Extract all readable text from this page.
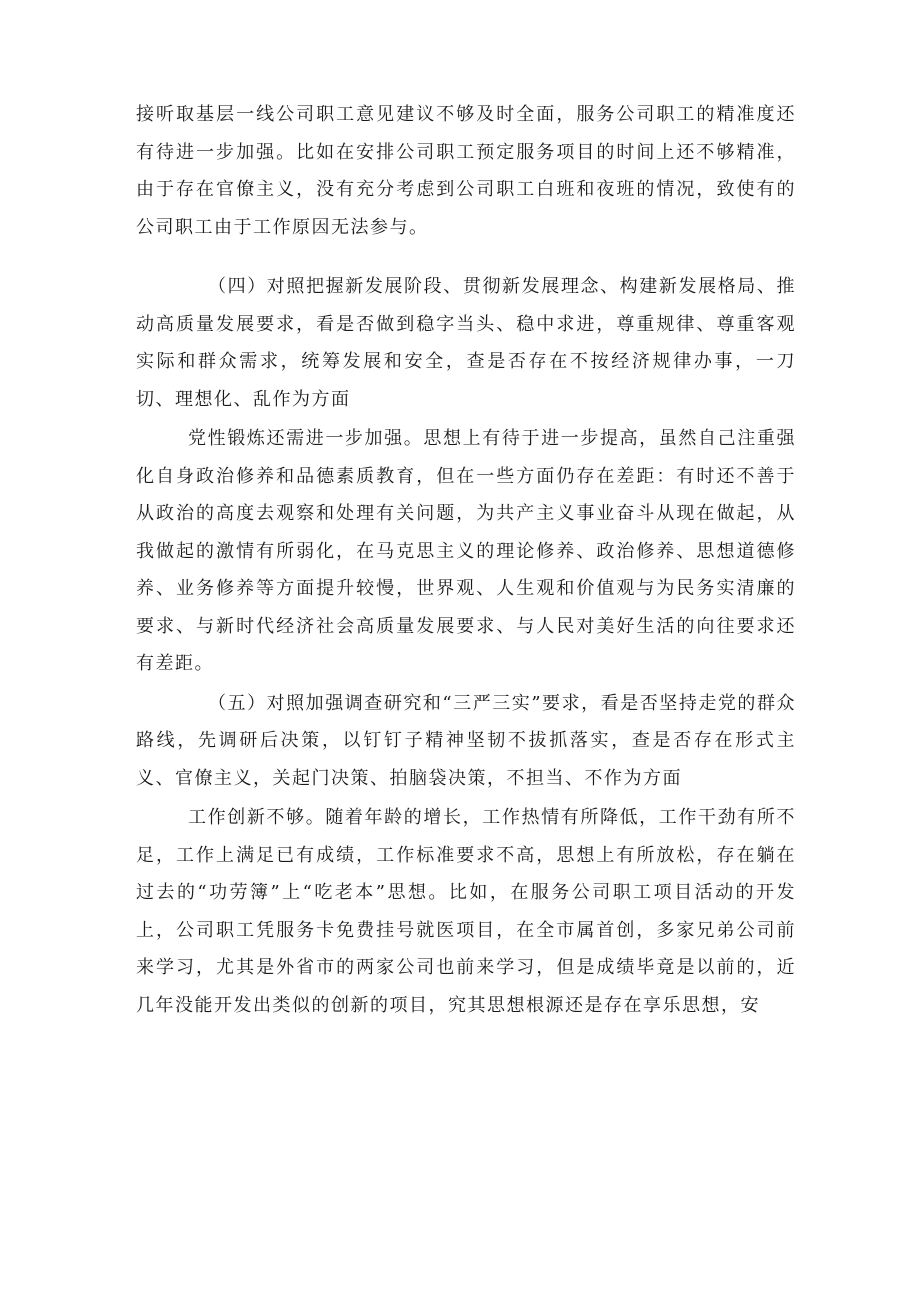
接听取基层一线公司职工意见建议不够及时全面，服务公司职工的精准度还有待进一步加强。比如在安排公司职工预定服务项目的时间上还不够精准，由于存在官僚主义，没有充分考虑到公司职工白班和夜班的情况，致使有的公司职工由于工作原因无法参与。

（四）对照把握新发展阶段、贯彻新发展理念、构建新发展格局、推动高质量发展要求，看是否做到稳字当头、稳中求进，尊重规律、尊重客观实际和群众需求，统筹发展和安全，查是否存在不按经济规律办事，一刀切、理想化、乱作为方面

党性锻炼还需进一步加强。思想上有待于进一步提高，虽然自己注重强化自身政治修养和品德素质教育，但在一些方面仍存在差距：有时还不善于从政治的高度去观察和处理有关问题，为共产主义事业奋斗从现在做起，从我做起的激情有所弱化，在马克思主义的理论修养、政治修养、思想道德修养、业务修养等方面提升较慢，世界观、人生观和价值观与为民务实清廉的要求、与新时代经济社会高质量发展要求、与人民对美好生活的向往要求还有差距。

（五）对照加强调查研究和“三严三实”要求，看是否坚持走党的群众路线，先调研后决策，以钉钉子精神坚韧不拔抓落实，查是否存在形式主义、官僚主义，关起门决策、拍脑袋决策，不担当、不作为方面

工作创新不够。随着年龄的增长，工作热情有所降低，工作干劲有所不足，工作上满足已有成绩，工作标准要求不高，思想上有所放松，存在躺在过去的“功劳簿”上“吃老本”思想。比如，在服务公司职工项目活动的开发上，公司职工凭服务卡免费挂号就医项目，在全市属首创，多家兄弟公司前来学习，尤其是外省市的两家公司也前来学习，但是成绩毕竟是以前的，近几年没能开发出类似的创新的项目，究其思想根源还是存在享乐思想，安
